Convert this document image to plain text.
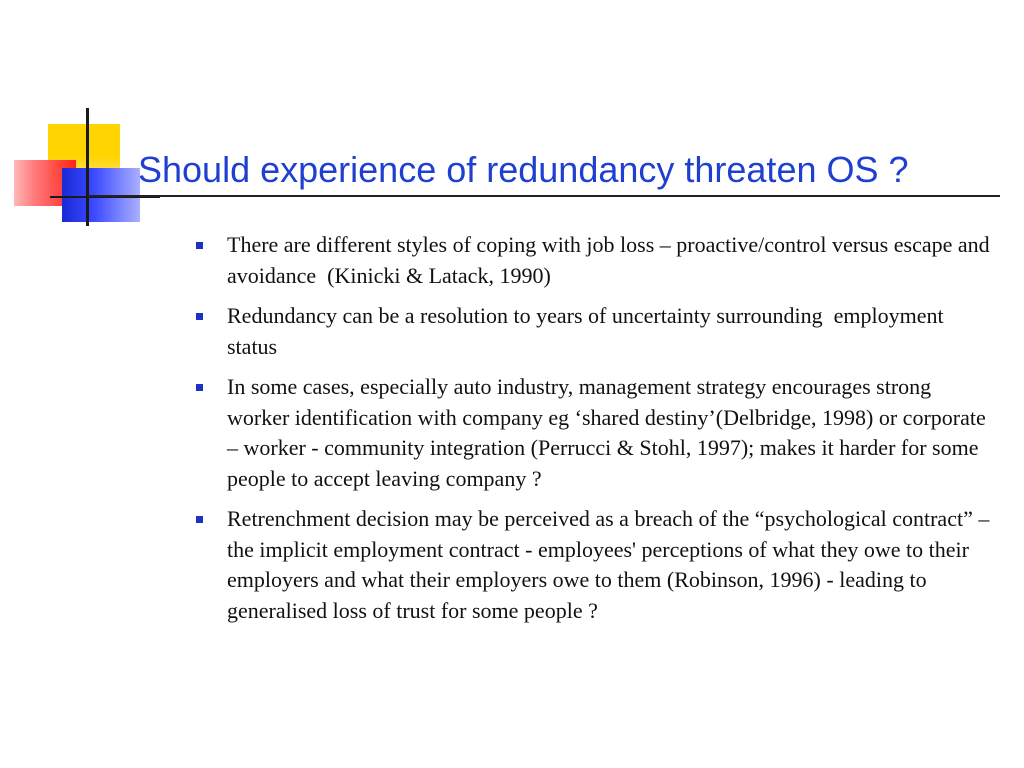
Should experience of redundancy threaten OS ?
There are different styles of coping with job loss – proactive/control versus escape and avoidance  (Kinicki & Latack, 1990)
Redundancy can be a resolution to years of uncertainty surrounding  employment status
In some cases, especially auto industry, management strategy encourages strong worker identification with company eg ‘shared destiny’(Delbridge, 1998) or corporate – worker - community integration (Perrucci & Stohl, 1997); makes it harder for some people to accept leaving company ?
Retrenchment decision may be perceived as a breach of the “psychological contract” – the implicit employment contract - employees' perceptions of what they owe to their employers and what their employers owe to them (Robinson, 1996) - leading to generalised loss of trust for some people ?
